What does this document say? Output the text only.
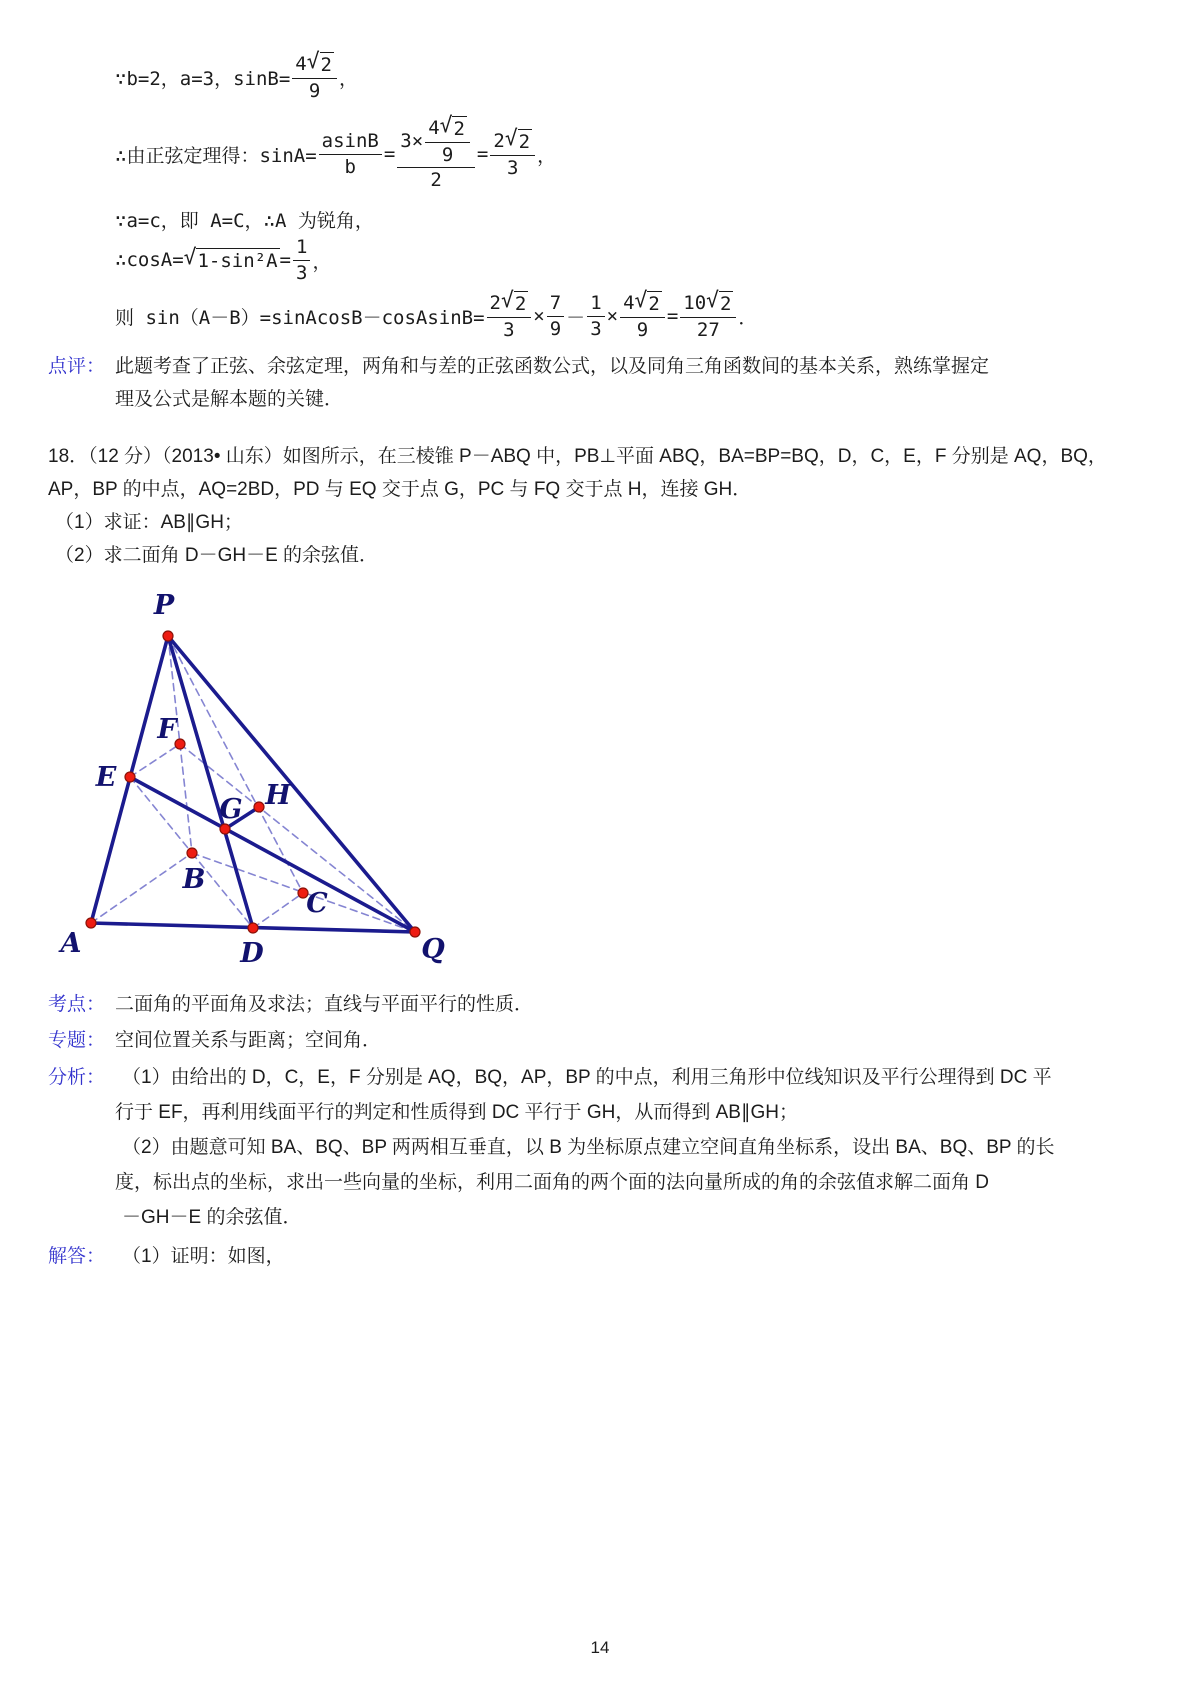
∵b=2，a=3，$\sin B= \frac{4 √ 2}{9}$ ，
∴由正弦定理得：$\sin A= \frac{asinB}{b} = \frac{3\times \frac{4 √ 2}{9}}{2} = \frac{2 √ 2}{3}$ ，
∵a=c，即 A=C，∴A 为锐角，
∴cosA= √ $1-\sin^2A = \frac{1}{3}$ ，
则 sin（A－B）=sinAcosB－cosAsinB= $\frac{2 √ 2}{3} \times \frac{7}{9} - \frac{1}{3} \times \frac{4 √ 2}{9} = \frac{10 √ 2}{27}$ ．
点评： 此题考查了正弦、余弦定理，两角和与差的正弦函数公式，以及同角三角函数间的基本关系，熟练掌握定
理及公式是解本题的关键．
18．（12 分）（2013• 山东）如图所示，在三棱锥 P－ABQ 中，PB⊥平面 ABQ，BA=BP=BQ，D，C，E，F 分别是 AQ，BQ，
AP，BP 的中点，AQ=2BD，PD 与 EQ 交于点 G，PC 与 FQ 交于点 H，连接 GH．
（1）求证：AB∥GH；
（2）求二面角 D－GH－E 的余弦值．
P
F
E
G H
B
C
A	D	Q
考点： 二面角的平面角及求法；直线与平面平行的性质．
专题： 空间位置关系与距离；空间角．
分析： （1）由给出的 D，C，E，F 分别是 AQ，BQ，AP，BP 的中点，利用三角形中位线知识及平行公理得到 DC 平
行于 EF，再利用线面平行的判定和性质得到 DC 平行于 GH，从而得到 AB∥GH；
（2）由题意可知 BA、BQ、BP 两两相互垂直，以 B 为坐标原点建立空间直角坐标系，设出 BA、BQ、BP 的长
度，标出点的坐标，求出一些向量的坐标，利用二面角的两个面的法向量所成的角的余弦值求解二面角 D
－GH－E 的余弦值．
解答： （1）证明：如图，
14
